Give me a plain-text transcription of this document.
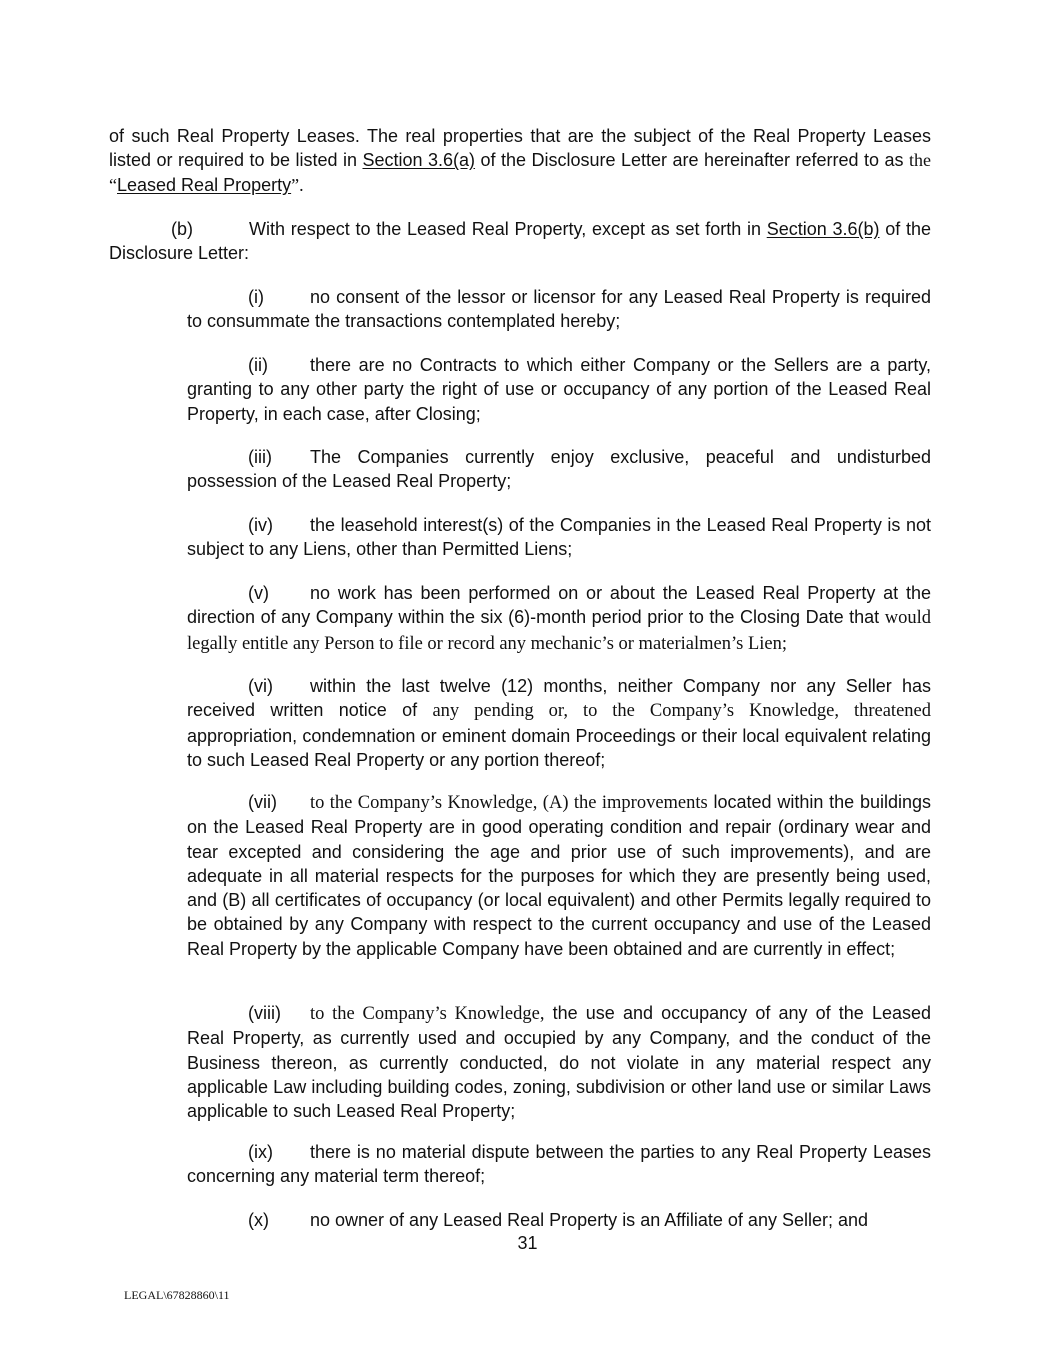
of such Real Property Leases. The real properties that are the subject of the Real Property Leases listed or required to be listed in Section 3.6(a) of the Disclosure Letter are hereinafter referred to as the “Leased Real Property”.

(b)	With respect to the Leased Real Property, except as set forth in Section 3.6(b) of the Disclosure Letter:

(i)	no consent of the lessor or licensor for any Leased Real Property is required to consummate the transactions contemplated hereby;

(ii) there are no Contracts to which either Company or the Sellers are a party, granting to any other party the right of use or occupancy of any portion of the Leased Real Property, in each case, after Closing;

(iii) The Companies currently enjoy exclusive, peaceful and undisturbed possession of the Leased Real Property;

(iv) the leasehold interest(s) of the Companies in the Leased Real Property is not subject to any Liens, other than Permitted Liens;

(v) no work has been performed on or about the Leased Real Property at the direction of any Company within the six (6)-month period prior to the Closing Date that would legally entitle any Person to file or record any mechanic’s or materialmen’s Lien;

(vi) within the last twelve (12) months, neither Company nor any Seller has received written notice of any pending or, to the Company’s Knowledge, threatened appropriation, condemnation or eminent domain Proceedings or their local equivalent relating to such Leased Real Property or any portion thereof;

(vii) to the Company’s Knowledge, (A) the improvements located within the buildings on the Leased Real Property are in good operating condition and repair (ordinary wear and tear excepted and considering the age and prior use of such improvements), and are adequate in all material respects for the purposes for which they are presently being used, and (B) all certificates of occupancy (or local equivalent) and other Permits legally required to be obtained by any Company with respect to the current occupancy and use of the Leased Real Property by the applicable Company have been obtained and are currently in effect;

(viii) to the Company’s Knowledge, the use and occupancy of any of the Leased Real Property, as currently used and occupied by any Company, and the conduct of the Business thereon, as currently conducted, do not violate in any material respect any applicable Law including building codes, zoning, subdivision or other land use or similar Laws applicable to such Leased Real Property;

(ix) there is no material dispute between the parties to any Real Property Leases concerning any material term thereof;

(x) no owner of any Leased Real Property is an Affiliate of any Seller; and

31
LEGAL\67828860\11
